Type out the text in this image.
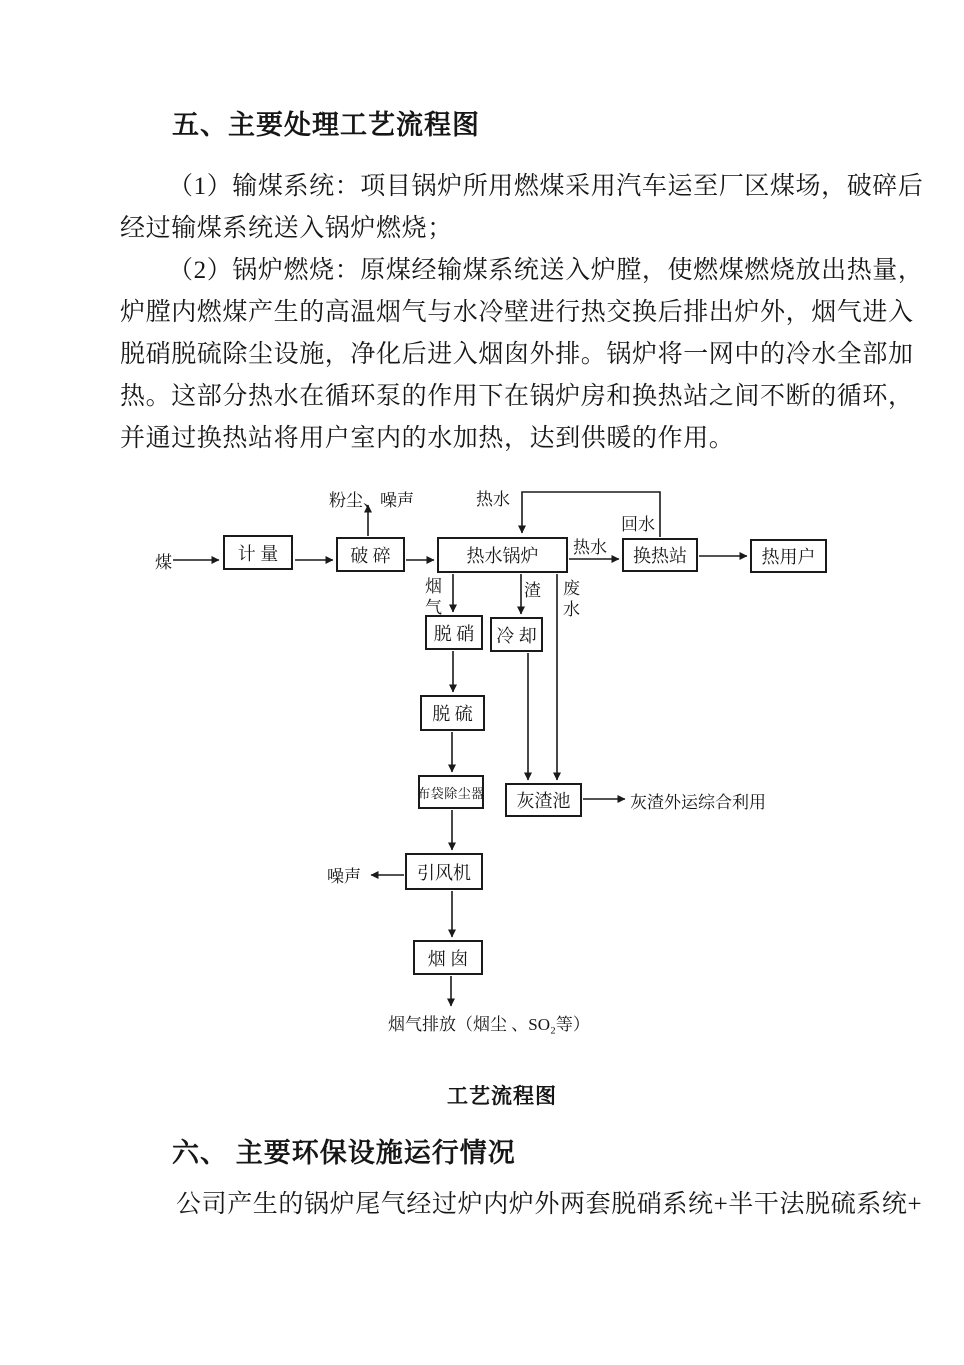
五、主要处理工艺流程图
（1）输煤系统：项目锅炉所用燃煤采用汽车运至厂区煤场，破碎后
经过输煤系统送入锅炉燃烧；
（2）锅炉燃烧：原煤经输煤系统送入炉膛，使燃煤燃烧放出热量，
炉膛内燃煤产生的高温烟气与水冷壁进行热交换后排出炉外，烟气进入
脱硝脱硫除尘设施，净化后进入烟囱外排。锅炉将一网中的冷水全部加
热。这部分热水在循环泵的作用下在锅炉房和换热站之间不断的循环，
并通过换热站将用户室内的水加热，达到供暖的作用。
计 量	破 碎	热水锅炉	换热站	热用户
脱 硝	冷 却
脱 硫
布袋除尘器	灰渣池
引风机
烟 囱
煤
粉尘、噪声	热水
回水
热水
烟气
渣 废水
噪声
灰渣外运综合利用
烟气排放（烟尘 、SO₂等）
工艺流程图
六、 主要环保设施运行情况
公司产生的锅炉尾气经过炉内炉外两套脱硝系统+半干法脱硫系统+
